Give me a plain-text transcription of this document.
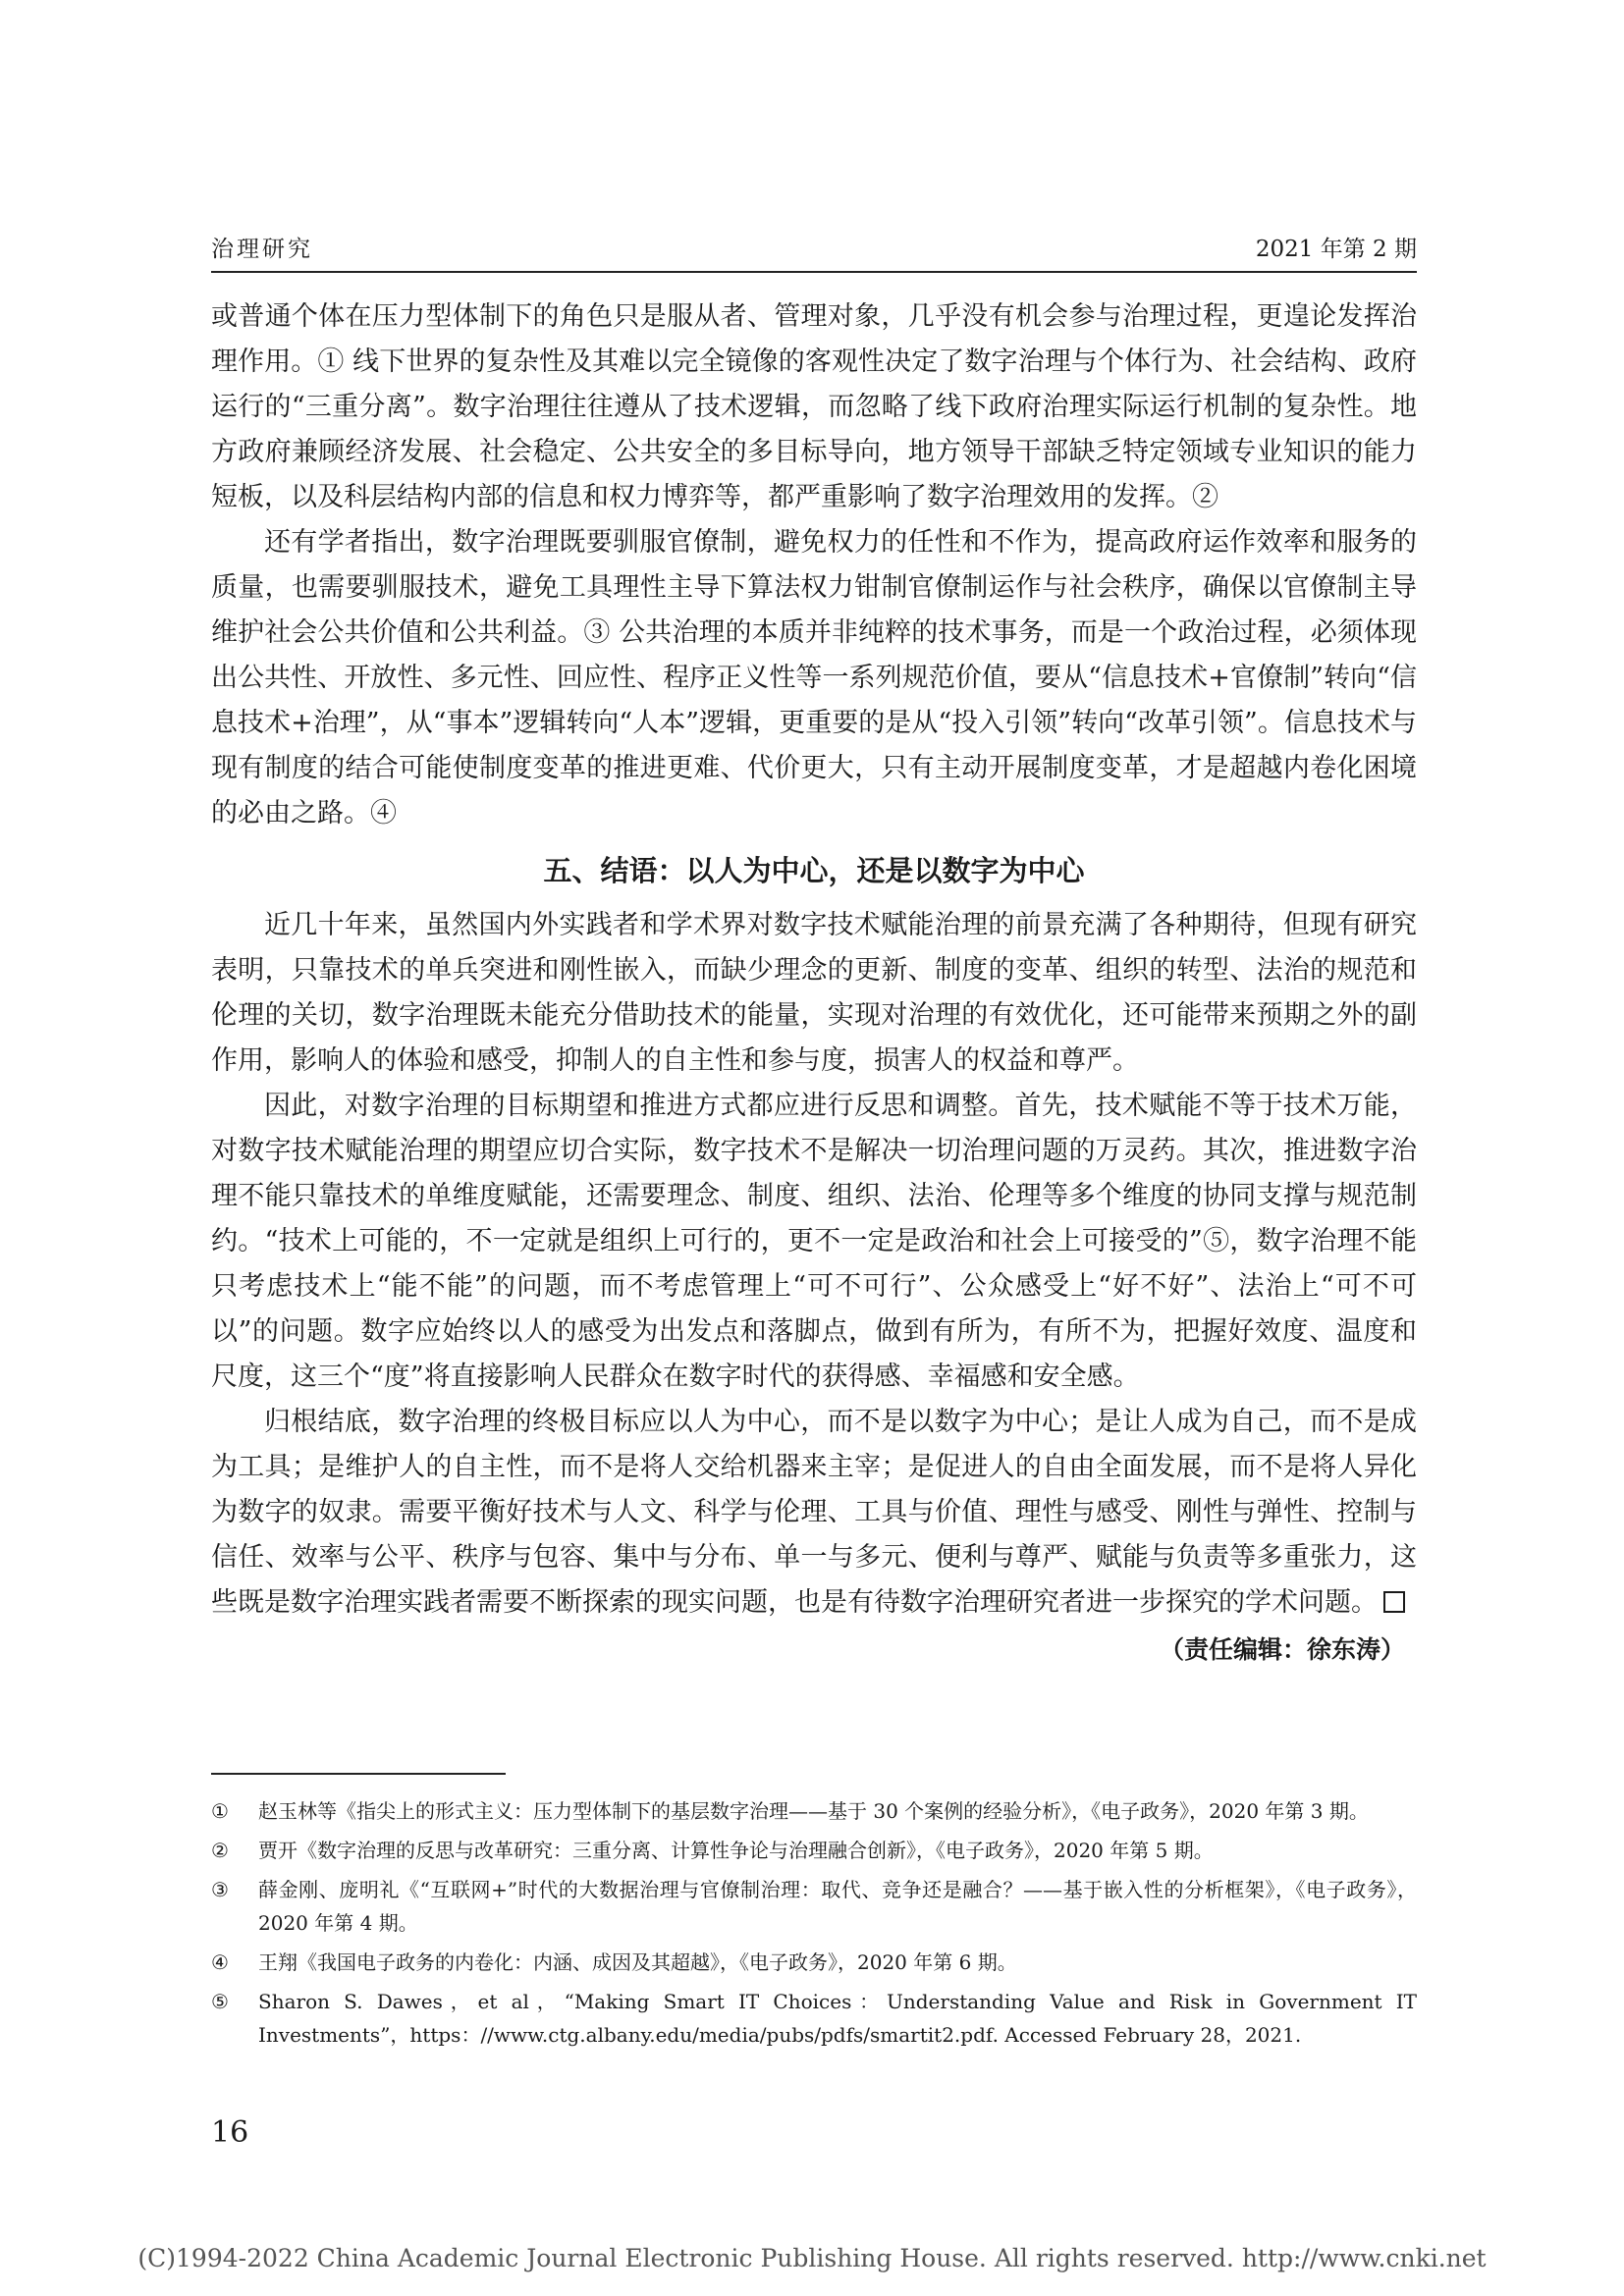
治理研究	2021 年第 2 期

或普通个体在压力型体制下的角色只是服从者、管理对象，几乎没有机会参与治理过程，更遑论发挥治理作用。① 线下世界的复杂性及其难以完全镜像的客观性决定了数字治理与个体行为、社会结构、政府运行的“三重分离”。数字治理往往遵从了技术逻辑，而忽略了线下政府治理实际运行机制的复杂性。地方政府兼顾经济发展、社会稳定、公共安全的多目标导向，地方领导干部缺乏特定领域专业知识的能力短板，以及科层结构内部的信息和权力博弈等，都严重影响了数字治理效用的发挥。②

还有学者指出，数字治理既要驯服官僚制，避免权力的任性和不作为，提高政府运作效率和服务的质量，也需要驯服技术，避免工具理性主导下算法权力钳制官僚制运作与社会秩序，确保以官僚制主导维护社会公共价值和公共利益。③ 公共治理的本质并非纯粹的技术事务，而是一个政治过程，必须体现出公共性、开放性、多元性、回应性、程序正义性等一系列规范价值，要从“信息技术+官僚制”转向“信息技术+治理”，从“事本”逻辑转向“人本”逻辑，更重要的是从“投入引领”转向“改革引领”。信息技术与现有制度的结合可能使制度变革的推进更难、代价更大，只有主动开展制度变革，才是超越内卷化困境的必由之路。④

五、结语：以人为中心，还是以数字为中心

近几十年来，虽然国内外实践者和学术界对数字技术赋能治理的前景充满了各种期待，但现有研究表明，只靠技术的单兵突进和刚性嵌入，而缺少理念的更新、制度的变革、组织的转型、法治的规范和伦理的关切，数字治理既未能充分借助技术的能量，实现对治理的有效优化，还可能带来预期之外的副作用，影响人的体验和感受，抑制人的自主性和参与度，损害人的权益和尊严。

因此，对数字治理的目标期望和推进方式都应进行反思和调整。首先，技术赋能不等于技术万能，对数字技术赋能治理的期望应切合实际，数字技术不是解决一切治理问题的万灵药。其次，推进数字治理不能只靠技术的单维度赋能，还需要理念、制度、组织、法治、伦理等多个维度的协同支撑与规范制约。“技术上可能的，不一定就是组织上可行的，更不一定是政治和社会上可接受的”⑤，数字治理不能只考虑技术上“能不能”的问题，而不考虑管理上“可不可行”、公众感受上“好不好”、法治上“可不可以”的问题。数字应始终以人的感受为出发点和落脚点，做到有所为，有所不为，把握好效度、温度和尺度，这三个“度”将直接影响人民群众在数字时代的获得感、幸福感和安全感。

归根结底，数字治理的终极目标应以人为中心，而不是以数字为中心；是让人成为自己，而不是成为工具；是维护人的自主性，而不是将人交给机器来主宰；是促进人的自由全面发展，而不是将人异化为数字的奴隶。需要平衡好技术与人文、科学与伦理、工具与价值、理性与感受、刚性与弹性、控制与信任、效率与公平、秩序与包容、集中与分布、单一与多元、便利与尊严、赋能与负责等多重张力，这些既是数字治理实践者需要不断探索的现实问题，也是有待数字治理研究者进一步探究的学术问题。

（责任编辑：徐东涛）
① 赵玉林等《指尖上的形式主义：压力型体制下的基层数字治理——基于 30 个案例的经验分析》，《电子政务》，2020 年第 3 期。
② 贾开《数字治理的反思与改革研究：三重分离、计算性争论与治理融合创新》，《电子政务》，2020 年第 5 期。
③ 薛金刚、庞明礼《“互联网+”时代的大数据治理与官僚制治理：取代、竞争还是融合？——基于嵌入性的分析框架》，《电子政务》，2020 年第 4 期。
④ 王翔《我国电子政务的内卷化：内涵、成因及其超越》，《电子政务》，2020 年第 6 期。
⑤ Sharon S. Dawes，et al，“Making Smart IT Choices：Understanding Value and Risk in Government IT Investments”，https：//www.ctg.albany.edu/media/pubs/pdfs/smartit2.pdf. Accessed February 28，2021.
16
(C)1994-2022 China Academic Journal Electronic Publishing House. All rights reserved. http://www.cnki.net
